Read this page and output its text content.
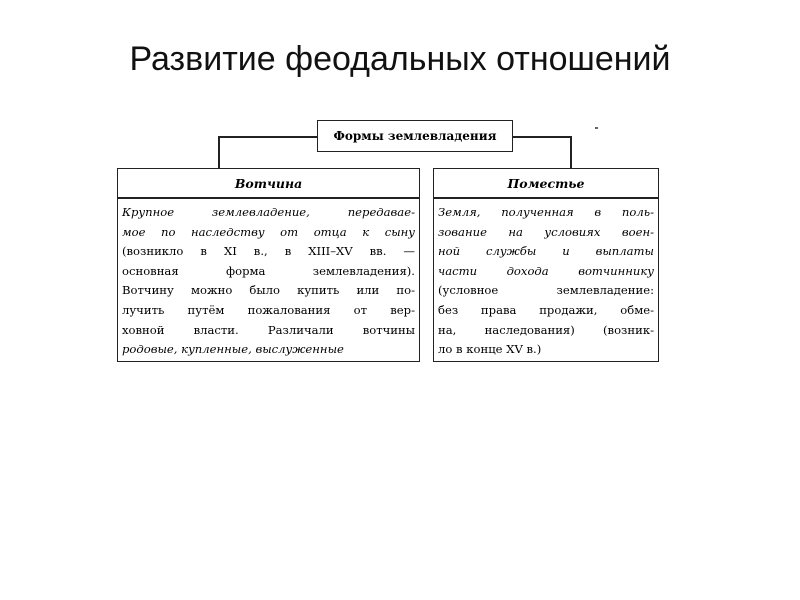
Развитие феодальных отношений
Формы землевладения
Вотчина
Крупное землевладение, передавае-
мое по наследству от отца к сыну
(возникло в XI в., в XIII–XV вв. —
основная форма землевладения).
Вотчину можно было купить или по-
лучить путём пожалования от вер-
ховной власти. Различали вотчины
родовые, купленные, выслуженные
Поместье
Земля, полученная в поль-
зование на условиях воен-
ной службы и выплаты
части дохода вотчиннику
(условное землевладение:
без права продажи, обме-
на, наследования) (возник-
ло в конце XV в.)
